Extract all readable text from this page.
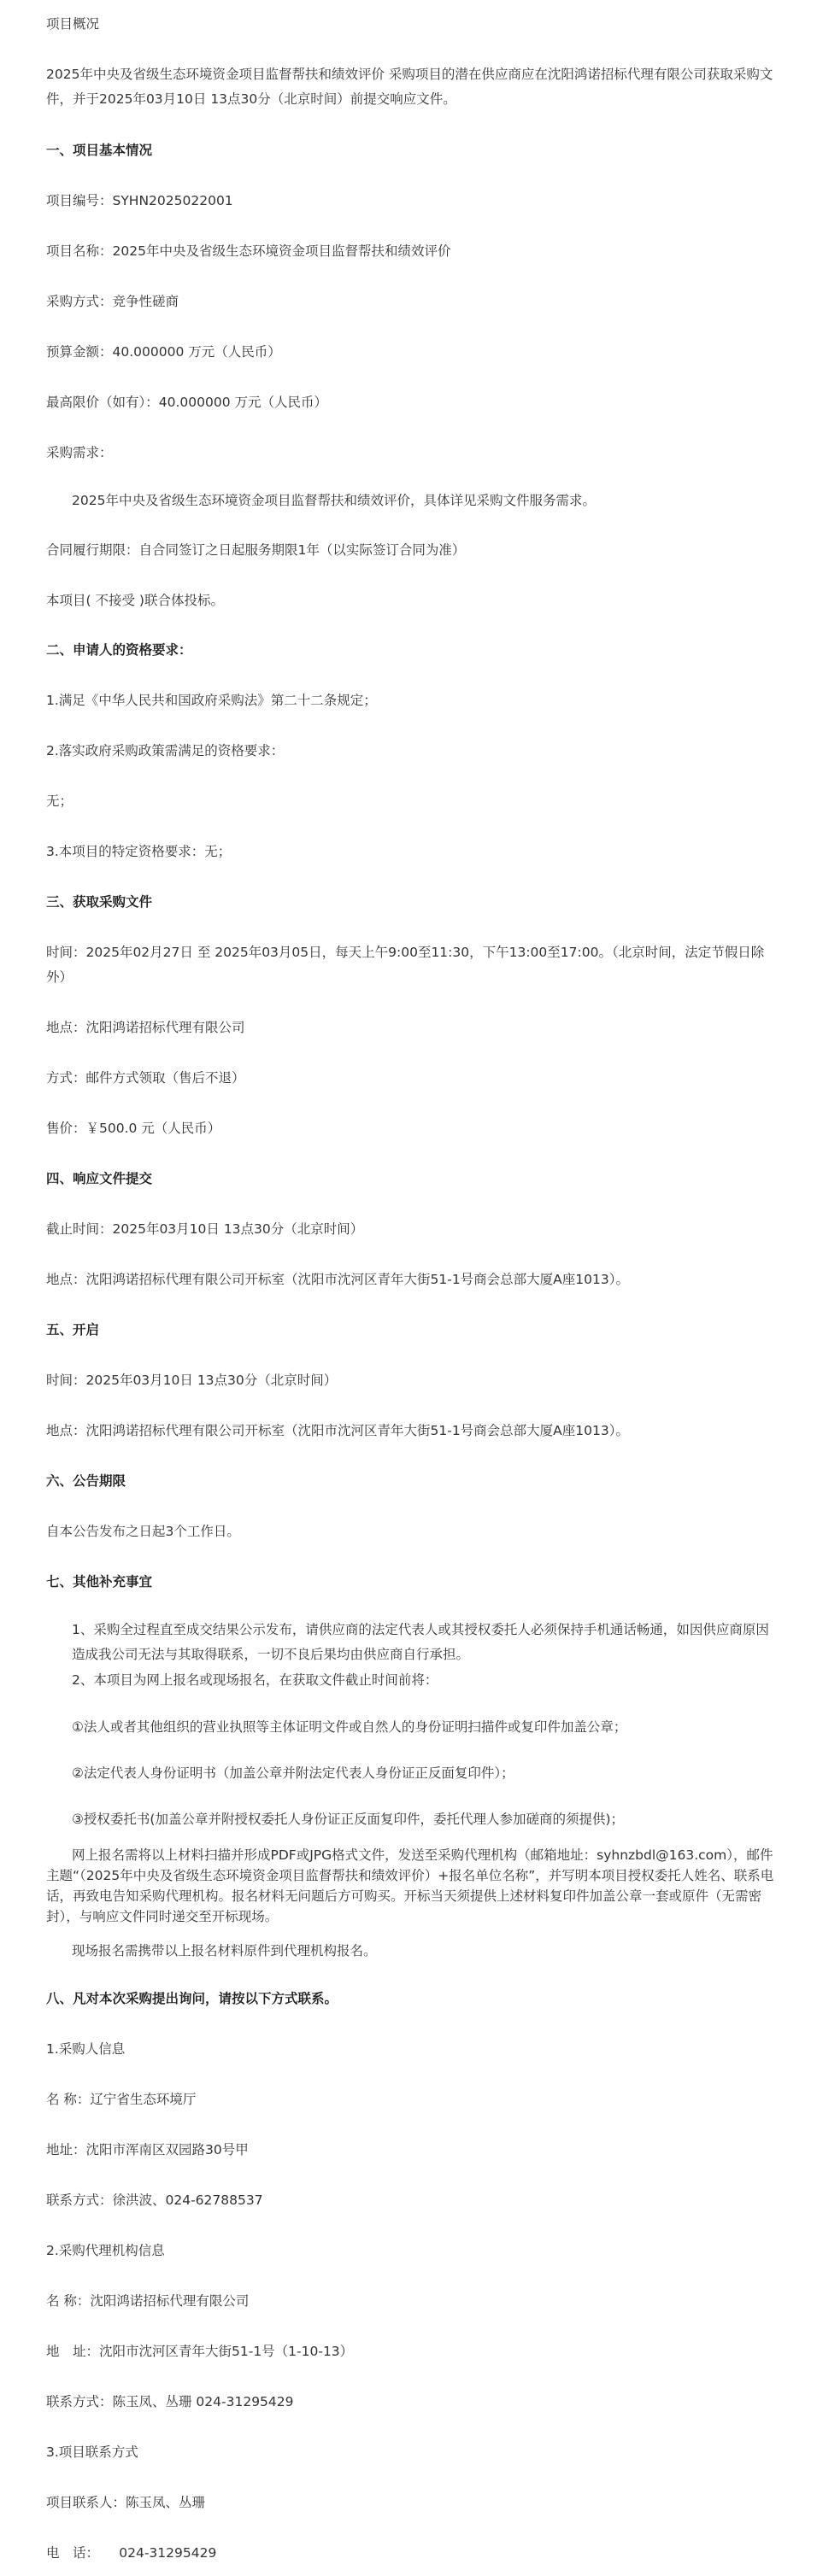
项目概况

2025年中央及省级生态环境资金项目监督帮扶和绩效评价 采购项目的潜在供应商应在沈阳鸿诺招标代理有限公司获取采购文件，并于2025年03月10日 13点30分（北京时间）前提交响应文件。

一、项目基本情况

项目编号：SYHN2025022001

项目名称：2025年中央及省级生态环境资金项目监督帮扶和绩效评价

采购方式：竞争性磋商

预算金额：40.000000 万元（人民币）

最高限价（如有）：40.000000 万元（人民币）

采购需求：

2025年中央及省级生态环境资金项目监督帮扶和绩效评价，具体详见采购文件服务需求。

合同履行期限：自合同签订之日起服务期限1年（以实际签订合同为准）

本项目( 不接受 )联合体投标。

二、申请人的资格要求：

1.满足《中华人民共和国政府采购法》第二十二条规定；

2.落实政府采购政策需满足的资格要求：

无；

3.本项目的特定资格要求：无；

三、获取采购文件

时间：2025年02月27日 至 2025年03月05日，每天上午9:00至11:30，下午13:00至17:00。（北京时间，法定节假日除外）

地点：沈阳鸿诺招标代理有限公司

方式：邮件方式领取（售后不退）

售价：￥500.0 元（人民币）

四、响应文件提交

截止时间：2025年03月10日 13点30分（北京时间）

地点：沈阳鸿诺招标代理有限公司开标室（沈阳市沈河区青年大街51-1号商会总部大厦A座1013）。

五、开启

时间：2025年03月10日 13点30分（北京时间）

地点：沈阳鸿诺招标代理有限公司开标室（沈阳市沈河区青年大街51-1号商会总部大厦A座1013）。

六、公告期限

自本公告发布之日起3个工作日。

七、其他补充事宜

1、采购全过程直至成交结果公示发布，请供应商的法定代表人或其授权委托人必须保持手机通话畅通，如因供应商原因造成我公司无法与其取得联系，一切不良后果均由供应商自行承担。

2、本项目为网上报名或现场报名，在获取文件截止时间前将：

①法人或者其他组织的营业执照等主体证明文件或自然人的身份证明扫描件或复印件加盖公章；

②法定代表人身份证明书（加盖公章并附法定代表人身份证正反面复印件）；

③授权委托书(加盖公章并附授权委托人身份证正反面复印件，委托代理人参加磋商的须提供)；

网上报名需将以上材料扫描并形成PDF或JPG格式文件，发送至采购代理机构（邮箱地址：syhnzbdl@163.com），邮件主题“（2025年中央及省级生态环境资金项目监督帮扶和绩效评价）+报名单位名称”，并写明本项目授权委托人姓名、联系电话，再致电告知采购代理机构。报名材料无问题后方可购买。开标当天须提供上述材料复印件加盖公章一套或原件（无需密封），与响应文件同时递交至开标现场。

现场报名需携带以上报名材料原件到代理机构报名。

八、凡对本次采购提出询问，请按以下方式联系。

1.采购人信息

名 称：辽宁省生态环境厅

地址：沈阳市浑南区双园路30号甲

联系方式：徐洪波、024-62788537

2.采购代理机构信息

名 称：沈阳鸿诺招标代理有限公司

地　址：沈阳市沈河区青年大街51-1号（1-10-13）

联系方式：陈玉凤、丛珊 024-31295429

3.项目联系方式

项目联系人：陈玉凤、丛珊

电　话：　　024-31295429
